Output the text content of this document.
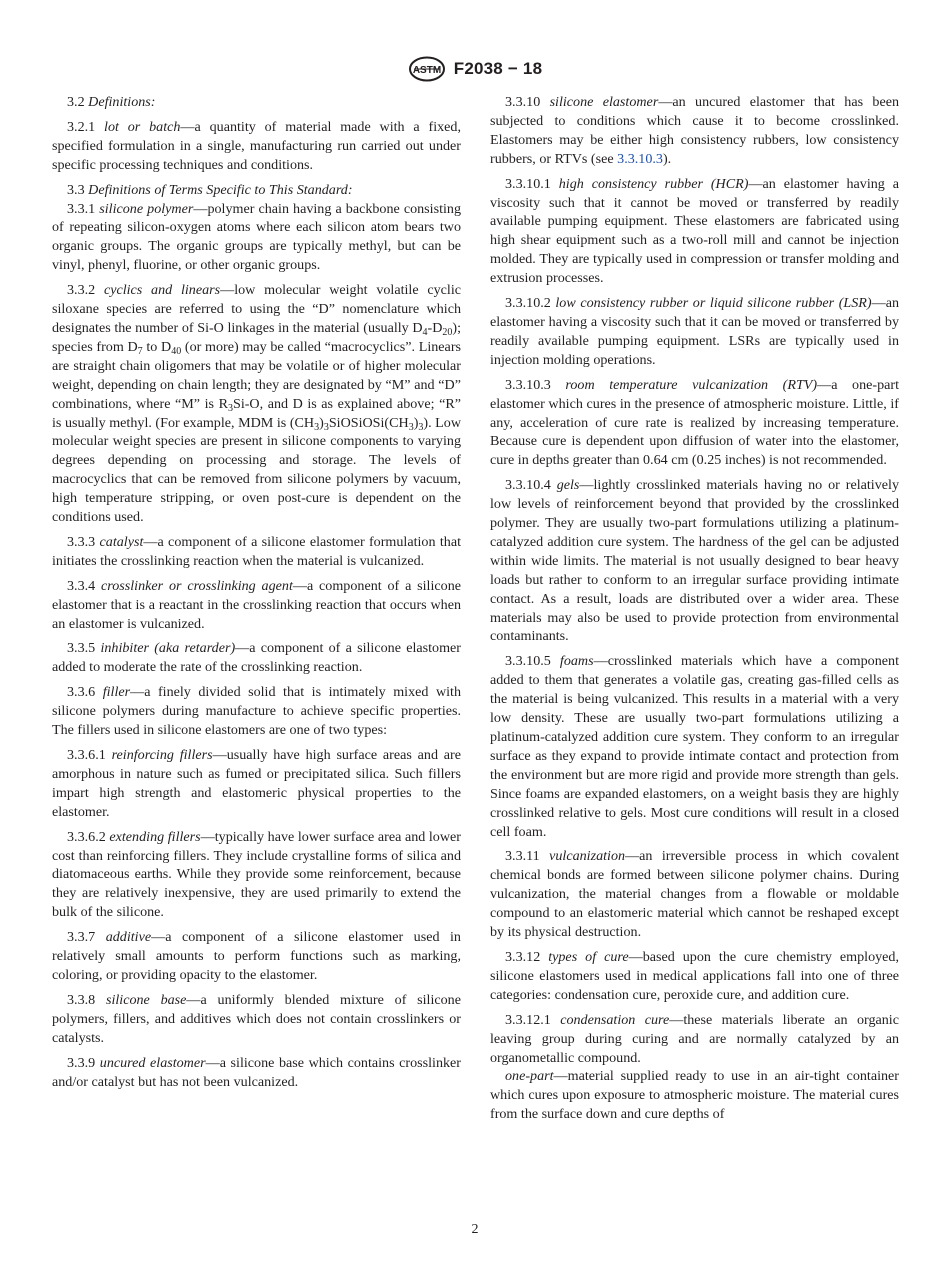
ASTM F2038 − 18

3.2 Definitions:

3.2.1 lot or batch—a quantity of material made with a fixed, specified formulation in a single, manufacturing run carried out under specific processing techniques and conditions.

3.3 Definitions of Terms Specific to This Standard:

3.3.1 silicone polymer—polymer chain having a backbone consisting of repeating silicon-oxygen atoms where each silicon atom bears two organic groups. The organic groups are typically methyl, but can be vinyl, phenyl, fluorine, or other organic groups.

3.3.2 cyclics and linears—low molecular weight volatile cyclic siloxane species are referred to using the “D” nomenclature which designates the number of Si-O linkages in the material (usually $D_4-D_{20}$); species from $D_7$ to $D_{40}$ (or more) may be called “macrocyclics”. Linears are straight chain oligomers that may be volatile or of higher molecular weight, depending on chain length; they are designated by “M” and “D” combinations, where “M” is $R_3Si-O$, and D is as explained above; “R” is usually methyl. (For example, MDM is $(CH_3)_3SiOSiOSi(CH_3)_3$). Low molecular weight species are present in silicone components to varying degrees depending on processing and storage. The levels of macrocyclics that can be removed from silicone polymers by vacuum, high temperature stripping, or oven post-cure is dependent on the conditions used.

3.3.3 catalyst—a component of a silicone elastomer formulation that initiates the crosslinking reaction when the material is vulcanized.

3.3.4 crosslinker or crosslinking agent—a component of a silicone elastomer that is a reactant in the crosslinking reaction that occurs when an elastomer is vulcanized.

3.3.5 inhibiter (aka retarder)—a component of a silicone elastomer added to moderate the rate of the crosslinking reaction.

3.3.6 filler—a finely divided solid that is intimately mixed with silicone polymers during manufacture to achieve specific properties. The fillers used in silicone elastomers are one of two types:

3.3.6.1 reinforcing fillers—usually have high surface areas and are amorphous in nature such as fumed or precipitated silica. Such fillers impart high strength and elastomeric physical properties to the elastomer.

3.3.6.2 extending fillers—typically have lower surface area and lower cost than reinforcing fillers. They include crystalline forms of silica and diatomaceous earths. While they provide some reinforcement, because they are relatively inexpensive, they are used primarily to extend the bulk of the silicone.

3.3.7 additive—a component of a silicone elastomer used in relatively small amounts to perform functions such as marking, coloring, or providing opacity to the elastomer.

3.3.8 silicone base—a uniformly blended mixture of silicone polymers, fillers, and additives which does not contain crosslinkers or catalysts.

3.3.9 uncured elastomer—a silicone base which contains crosslinker and/or catalyst but has not been vulcanized.

3.3.10 silicone elastomer—an uncured elastomer that has been subjected to conditions which cause it to become crosslinked. Elastomers may be either high consistency rubbers, low consistency rubbers, or RTVs (see 3.3.10.3).

3.3.10.1 high consistency rubber (HCR)—an elastomer having a viscosity such that it cannot be moved or transferred by readily available pumping equipment. These elastomers are fabricated using high shear equipment such as a two-roll mill and cannot be injection molded. They are typically used in compression or transfer molding and extrusion processes.

3.3.10.2 low consistency rubber or liquid silicone rubber (LSR)—an elastomer having a viscosity such that it can be moved or transferred by readily available pumping equipment. LSRs are typically used in injection molding operations.

3.3.10.3 room temperature vulcanization (RTV)—a one-part elastomer which cures in the presence of atmospheric moisture. Little, if any, acceleration of cure rate is realized by increasing temperature. Because cure is dependent upon diffusion of water into the elastomer, cure in depths greater than 0.64 cm (0.25 inches) is not recommended.

3.3.10.4 gels—lightly crosslinked materials having no or relatively low levels of reinforcement beyond that provided by the crosslinked polymer. They are usually two-part formulations utilizing a platinum-catalyzed addition cure system. The hardness of the gel can be adjusted within wide limits. The material is not usually designed to bear heavy loads but rather to conform to an irregular surface providing intimate contact. As a result, loads are distributed over a wider area. These materials may also be used to provide protection from environmental contaminants.

3.3.10.5 foams—crosslinked materials which have a component added to them that generates a volatile gas, creating gas-filled cells as the material is being vulcanized. This results in a material with a very low density. These are usually two-part formulations utilizing a platinum-catalyzed addition cure system. They conform to an irregular surface as they expand to provide intimate contact and protection from the environment but are more rigid and provide more strength than gels. Since foams are expanded elastomers, on a weight basis they are highly crosslinked relative to gels. Most cure conditions will result in a closed cell foam.

3.3.11 vulcanization—an irreversible process in which covalent chemical bonds are formed between silicone polymer chains. During vulcanization, the material changes from a flowable or moldable compound to an elastomeric material which cannot be reshaped except by its physical destruction.

3.3.12 types of cure—based upon the cure chemistry employed, silicone elastomers used in medical applications fall into one of three categories: condensation cure, peroxide cure, and addition cure.

3.3.12.1 condensation cure—these materials liberate an organic leaving group during curing and are normally catalyzed by an organometallic compound.

one-part—material supplied ready to use in an air-tight container which cures upon exposure to atmospheric moisture. The material cures from the surface down and cure depths of

2
